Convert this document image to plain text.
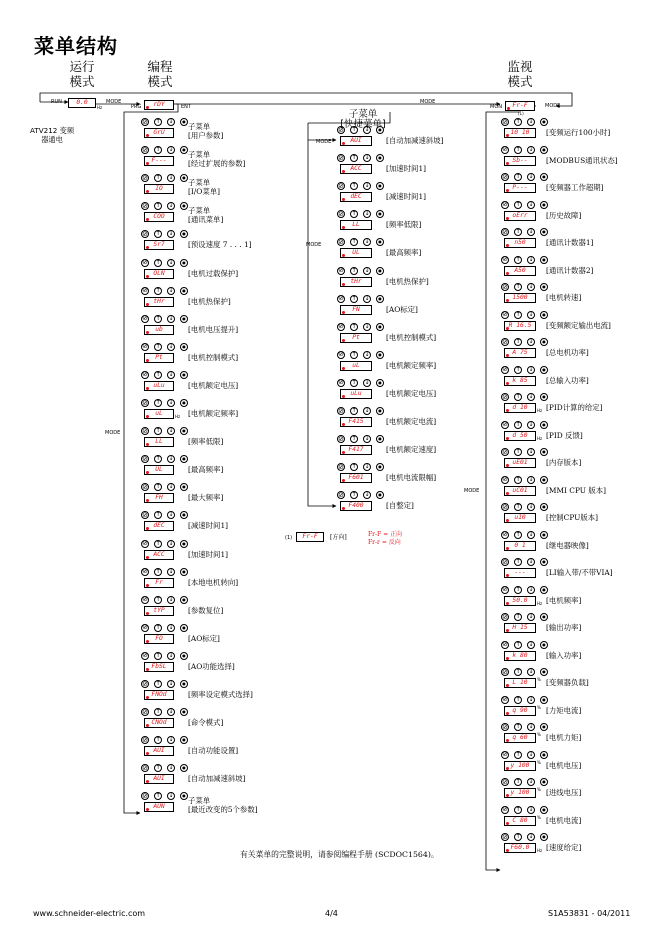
菜单结构
运行
模式
编程
模式
监视
模式
RUN	0.0
Hz
MODE
PRG	rDY	ENT
MODE
MON	Fr-F
(1)
MODE
ATV212 变频
器通电
MODE
MODE
MODE
MODE
子菜单
[快捷菜单]
⊘↑↓●
GrU
子菜单
[用户参数]
⊘↑↓●
F---
子菜单
[经过扩展的参数]
⊘↑↓●
IO
子菜单
[I/O菜单]
⊘↑↓●
COO
子菜单
[通讯菜单]
⊘↑↓●
Sr7	[预设速度 7 . . . 1]
⊘↑↓●
OLN	[电机过载保护]
⊘↑↓●
tHr	[电机热保护]
⊘↑↓●
ub	[电机电压提升]
⊘↑↓●
Pt	[电机控制模式]
⊘↑↓●
uLu	[电机额定电压]
⊘↑↓●
uL	Hz [电机额定频率]
⊘↑↓●
LL	[频率低限]
⊘↑↓●
UL	[最高频率]
⊘↑↓●
FH	[最大频率]
⊘↑↓●
dEC	[减速时间1]
⊘↑↓●
ACC	[加速时间1]
⊘↑↓●
Fr	[本地电机转向]
⊘↑↓●
tYP	[参数复位]
⊘↑↓●
FO	[AO标定]
⊘↑↓●
FbSL	[AO功能选择]
⊘↑↓●
FNOd	[频率设定模式选择]
⊘↑↓●
CNOd	[命令模式]
⊘↑↓●
AUI	[自动功能设置]
⊘↑↓●
AUI	[自动加减速斜坡]
⊘↑↓●
AUN
子菜单
[最近改变的5个参数]
⊘↑↓●
AUI	[自动加减速斜坡]
⊘↑↓●
ACC	[加速时间1]
⊘↑↓●
dEC	[减速时间1]
⊘↑↓●
LL	[频率低限]
⊘↑↓●
UL	[最高频率]
⊘↑↓●
tHr	[电机热保护]
⊘↑↓●
FN	[AO标定]
⊘↑↓●
Pt	[电机控制模式]
⊘↑↓●
uL	[电机额定频率]
⊘↑↓●
uLu	[电机额定电压]
⊘↑↓●
F415	[电机额定电流]
⊘↑↓●
F417	[电机额定速度]
⊘↑↓●
F601	[电机电流限幅]
⊘↑↓●
F400	[自整定]
⊘↑↓●
10 10	[变频运行100小时]
⊘↑↓●
Sb--	[MODBUS通讯状态]
⊘↑↓●
P---	[变频器工作超期]
⊘↑↓●
oErr	[历史故障]
⊘↑↓●
n50	[通讯计数器1]
⊘↑↓●
A50	[通讯计数器2]
⊘↑↓●
1500	[电机转速]
⊘↑↓●
R 16.5	[变频额定输出电流]
⊘↑↓●
A 75	[总电机功率]
⊘↑↓●
k 85	[总输入功率]
⊘↑↓●
d 10	Hz [PID计算的给定]
⊘↑↓●
d 50	Hz [PID 反馈]
⊘↑↓●
uE01	[内存版本]
⊘↑↓●
uC01	[MMI CPU 版本]
⊘↑↓●
u10	[控制CPU版本]
⊘↑↓●
0 1	[继电器映像]
⊘↑↓●
---	[LI输入带/不带VIA]
⊘↑↓●
50.0	Hz [电机频率]
⊘↑↓●
H 15	[输出功率]
⊘↑↓●
k 80	[输入功率]
⊘↑↓●
L 10	% [变频器负载]
⊘↑↓●
q 90	% [力矩电流]
⊘↑↓●
q 60	% [电机力矩]
⊘↑↓●
y 100	% [电机电压]
⊘↑↓●
y 100	% [进线电压]
⊘↑↓●
C 80	% [电机电流]
⊘↑↓●
F60.0	Hz [速度给定]
(1)	Fr-F	[方向]	Fr-F = 正向
Fr-r = 反向
有关菜单的完整说明，请参阅编程手册 (SCDOC1564)。
www.schneider-electric.com	4/4	S1A53831 - 04/2011
